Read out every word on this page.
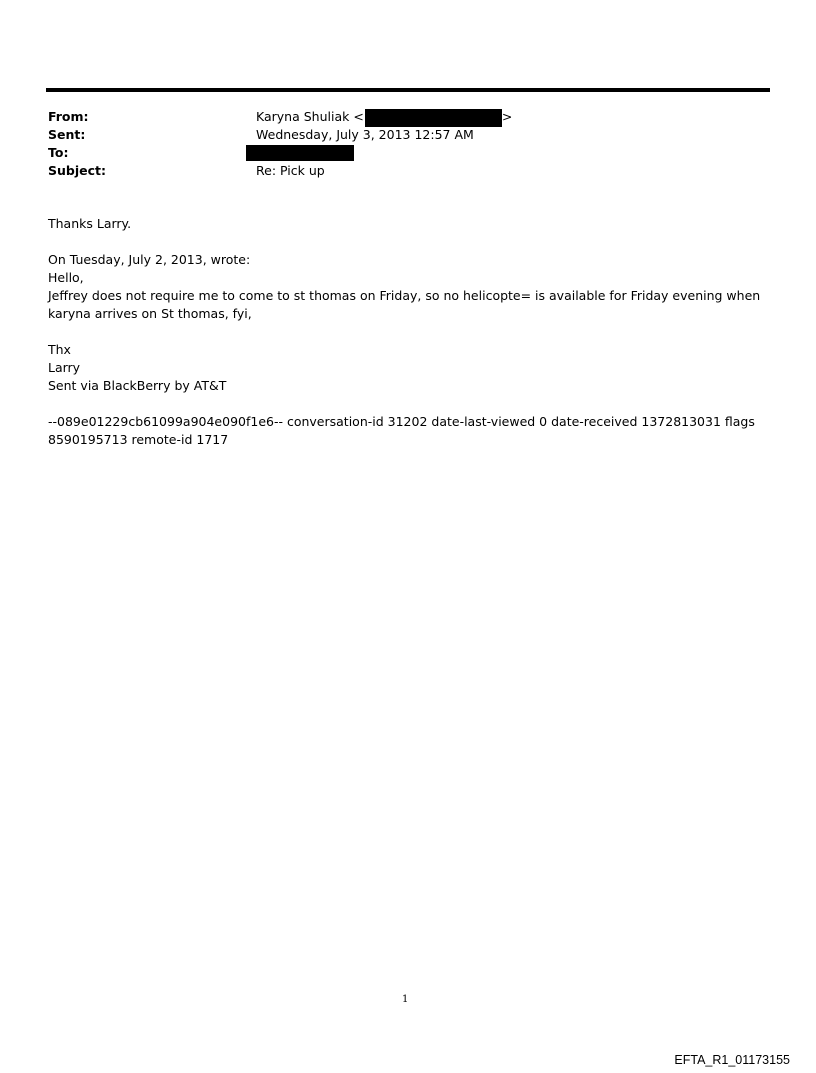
From:	Karyna Shuliak <	>
Sent:	Wednesday, July 3, 2013 12:57 AM
To:
Subject:	Re: Pick up
Thanks Larry.
On Tuesday, July 2, 2013, wrote:
Hello,
Jeffrey does not require me to come to st thomas on Friday, so no helicopte= is available for Friday evening when karyna arrives on St thomas, fyi,
Thx
Larry
Sent via BlackBerry by AT&T
--089e01229cb61099a904e090f1e6-- conversation-id 31202 date-last-viewed 0 date-received 1372813031 flags 8590195713 remote-id 1717
1
EFTA_R1_01173155
